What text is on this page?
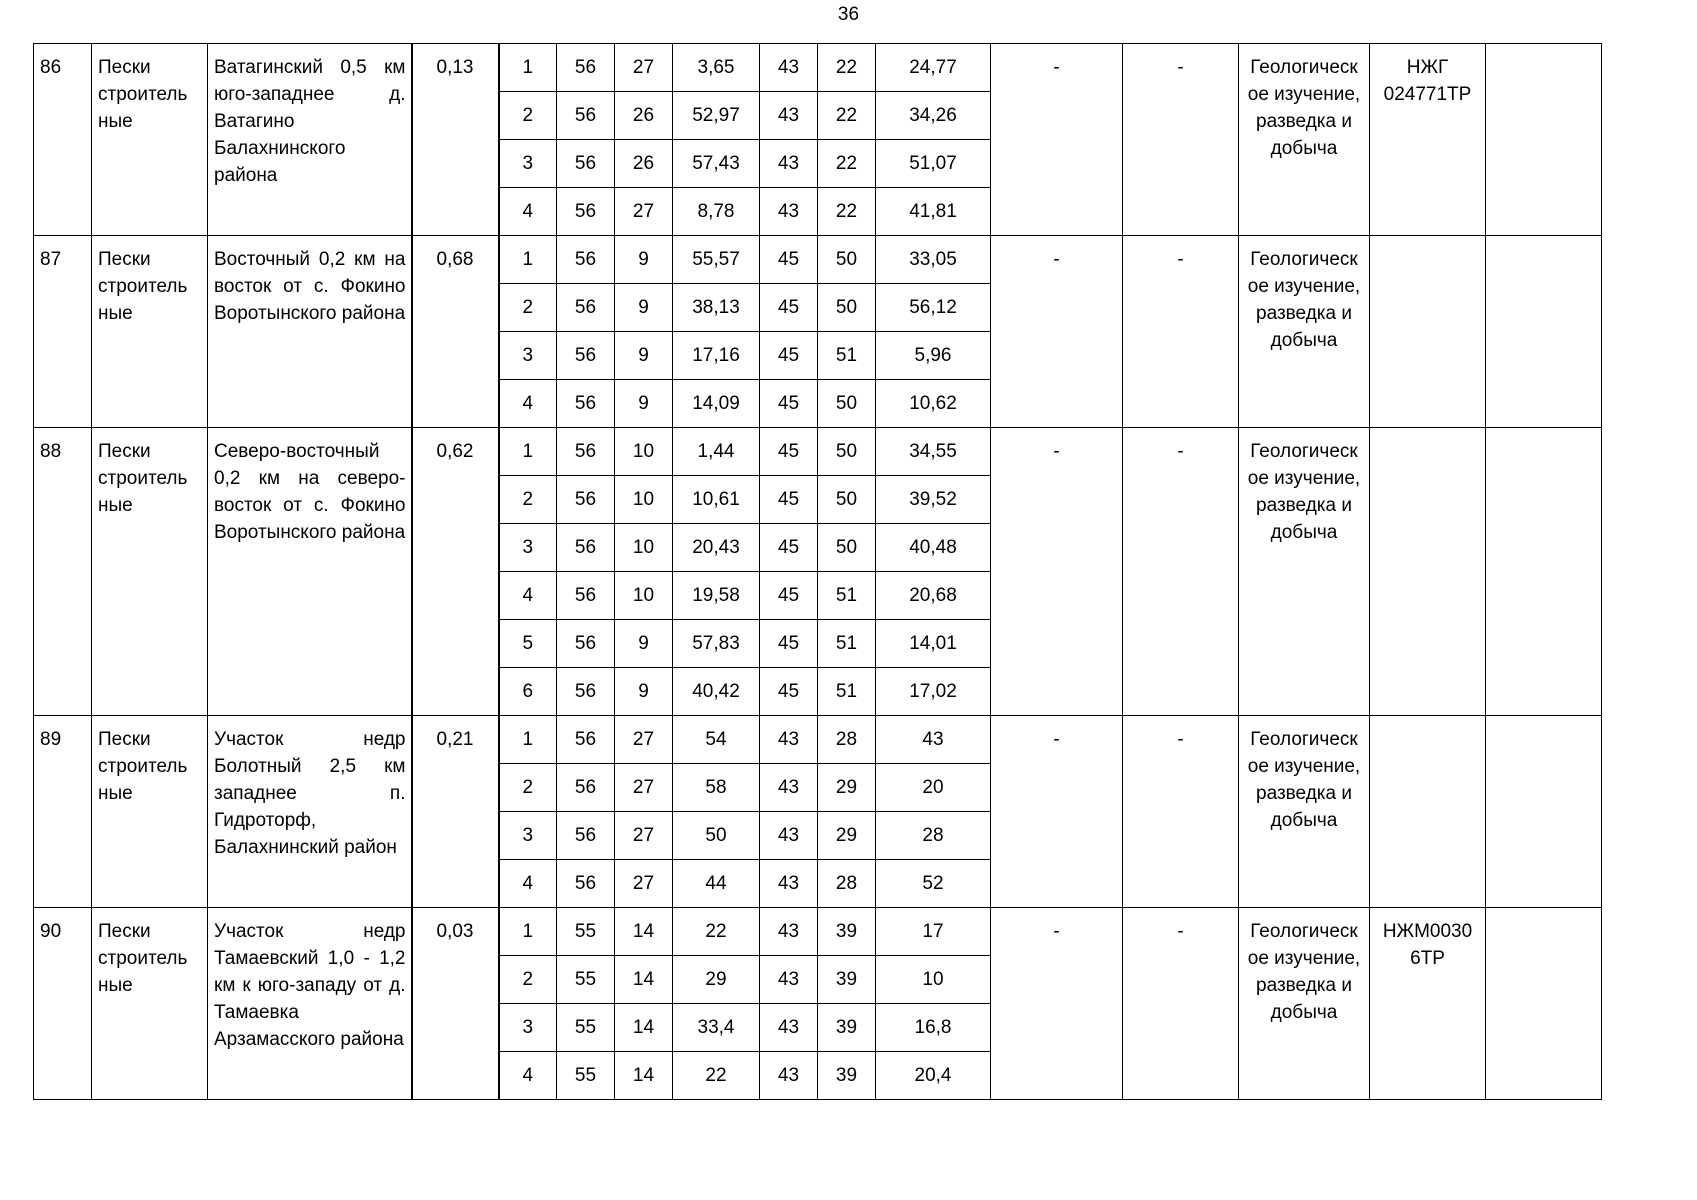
36
86	Пески строитель ные	Ватагинский 0,5 км юго-западнее д. Ватагино Балахнинского района	0,13	1	56	27	3,65	43	22	24,77	-	-	Геологическ ое изучение, разведка и добыча	НЖГ 024771ТР	
				2	56	26	52,97	43	22	34,26					
				3	56	26	57,43	43	22	51,07					
				4	56	27	8,78	43	22	41,81					
87	Пески строитель ные	Восточный 0,2 км на восток от с. Фокино Воротынского района	0,68	1	56	9	55,57	45	50	33,05	-	-	Геологическ ое изучение, разведка и добыча		
				2	56	9	38,13	45	50	56,12					
				3	56	9	17,16	45	51	5,96					
				4	56	9	14,09	45	50	10,62					
88	Пески строитель ные	Северо-восточный 0,2 км на северо-восток от с. Фокино Воротынского района	0,62	1	56	10	1,44	45	50	34,55	-	-	Геологическ ое изучение, разведка и добыча		
				2	56	10	10,61	45	50	39,52					
				3	56	10	20,43	45	50	40,48					
				4	56	10	19,58	45	51	20,68					
				5	56	9	57,83	45	51	14,01					
				6	56	9	40,42	45	51	17,02					
89	Пески строитель ные	Участок недр Болотный 2,5 км западнее п. Гидроторф, Балахнинский район	0,21	1	56	27	54	43	28	43	-	-	Геологическ ое изучение, разведка и добыча		
				2	56	27	58	43	29	20					
				3	56	27	50	43	29	28					
				4	56	27	44	43	28	52					
90	Пески строитель ные	Участок недр Тамаевский 1,0 - 1,2 км к юго-западу от д. Тамаевка Арзамасского района	0,03	1	55	14	22	43	39	17	-	-	Геологическ ое изучение, разведка и добыча	НЖМ0030 6ТР	
				2	55	14	29	43	39	10					
				3	55	14	33,4	43	39	16,8					
				4	55	14	22	43	39	20,4					
